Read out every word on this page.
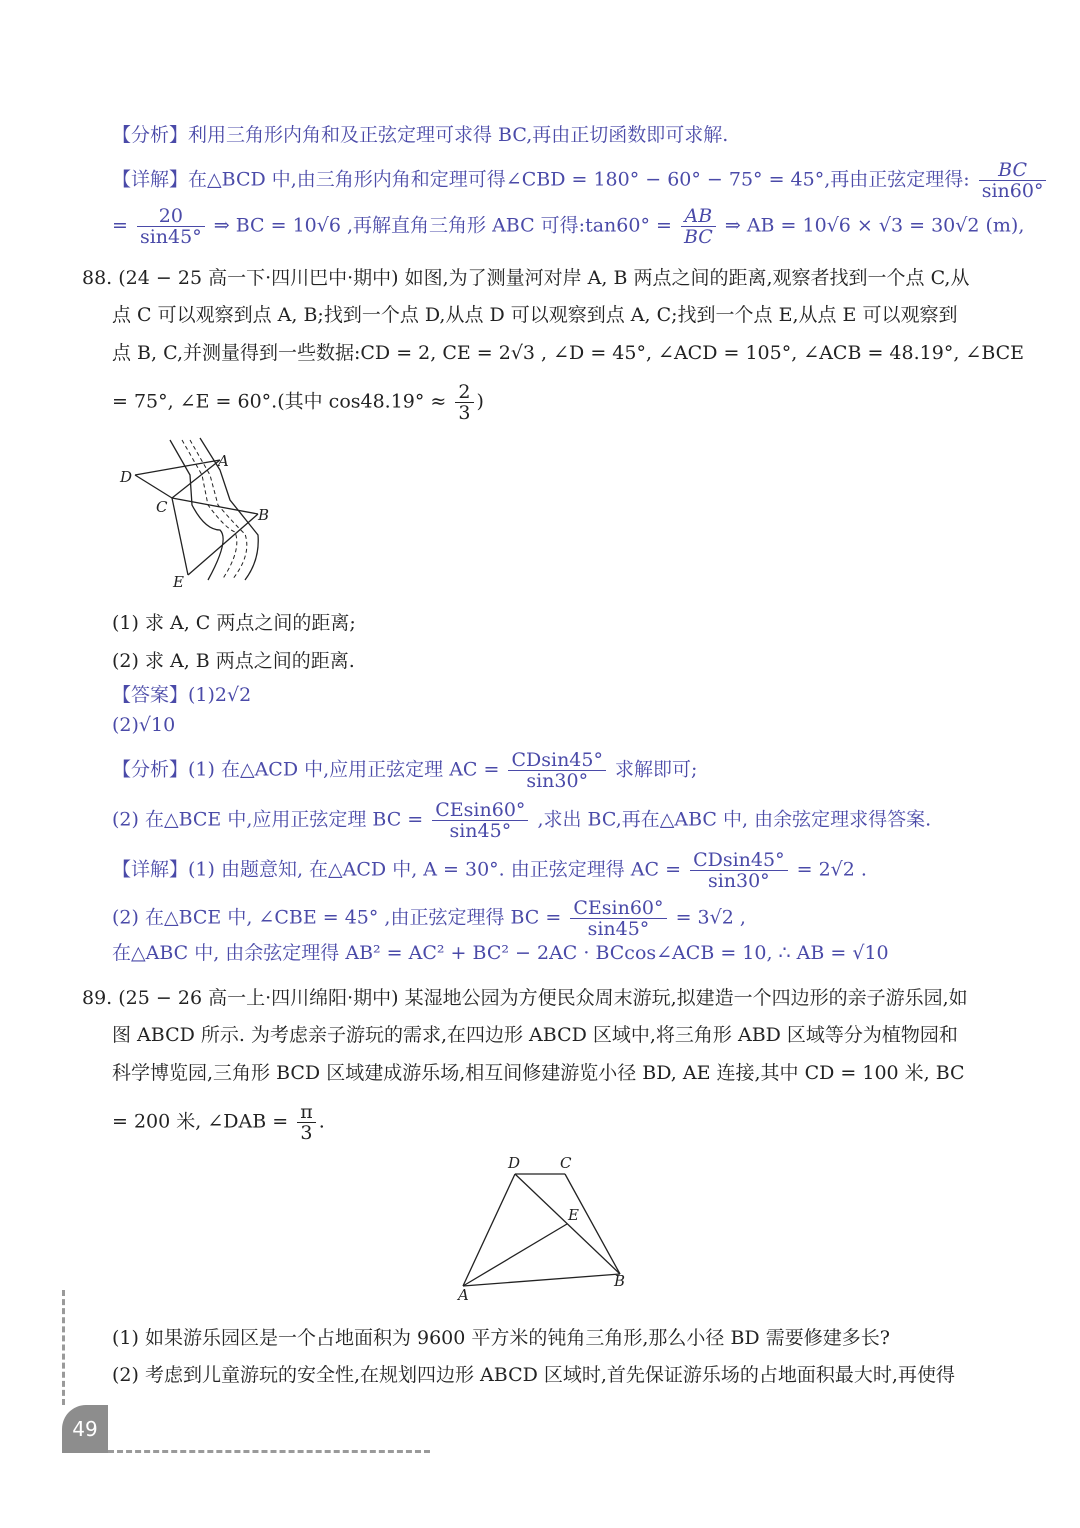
【分析】利用三角形内角和及正弦定理可求得 BC,再由正切函数即可求解.
【详解】在△BCD 中,由三角形内角和定理可得∠CBD = 180° − 60° − 75° = 45°,再由正弦定理得: $\frac{BC}{\sin 60^\circ}$
= $\frac{20}{\sin 45^\circ}$ ⇒ BC = 10√6 ,再解直角三角形 ABC 可得:tan60° = $\frac{AB}{BC}$ ⇒ AB = 10√6 × √3 = 30√2 (m),
88. (24 − 25 高一下·四川巴中·期中) 如图,为了测量河对岸 A, B 两点之间的距离,观察者找到一个点 C,从
点 C 可以观察到点 A, B;找到一个点 D,从点 D 可以观察到点 A, C;找到一个点 E,从点 E 可以观察到
点 B, C,并测量得到一些数据:CD = 2, CE = 2√3 , ∠D = 45°, ∠ACD = 105°, ∠ACB = 48.19°, ∠BCE
= 75°, ∠E = 60°.(其中 $\cos 48.19^\circ \approx \frac{2}{3}$ )
D
A
C	B
E
(1) 求 A, C 两点之间的距离;
(2) 求 A, B 两点之间的距离.
【答案】(1)2√2
(2)√10
【分析】(1) 在△ACD 中,应用正弦定理 AC = $\frac{CDsin45^\circ}{\sin 30^\circ}$ 求解即可;
(2) 在△BCE 中,应用正弦定理 BC = $\frac{CEsin60^\circ}{\sin 45^\circ}$ ,求出 BC,再在△ABC 中, 由余弦定理求得答案.
【详解】(1) 由题意知, 在△ACD 中, A = 30°. 由正弦定理得 AC = $\frac{CDsin45^\circ}{\sin 30^\circ} = 2√2$ .
(2) 在△BCE 中, ∠CBE = 45° ,由正弦定理得 BC = $\frac{CEsin60^\circ}{\sin 45^\circ} = 3√2$ ,
在△ABC 中, 由余弦定理得 AB² = AC² + BC² − 2AC · BCcos∠ACB = 10, ∴ AB = √10
89. (25 − 26 高一上·四川绵阳·期中) 某湿地公园为方便民众周末游玩,拟建造一个四边形的亲子游乐园,如
图 ABCD 所示. 为考虑亲子游玩的需求,在四边形 ABCD 区域中,将三角形 ABD 区域等分为植物园和
科学博览园,三角形 BCD 区域建成游乐场,相互间修建游览小径 BD, AE 连接,其中 CD = 100 米, BC
= 200 米, ∠DAB = $\frac{\pi}{3}$ .
D	C
E
A
B
(1) 如果游乐园区是一个占地面积为 9600 平方米的钝角三角形,那么小径 BD 需要修建多长?
(2) 考虑到儿童游玩的安全性,在规划四边形 ABCD 区域时,首先保证游乐场的占地面积最大时,再使得
49
